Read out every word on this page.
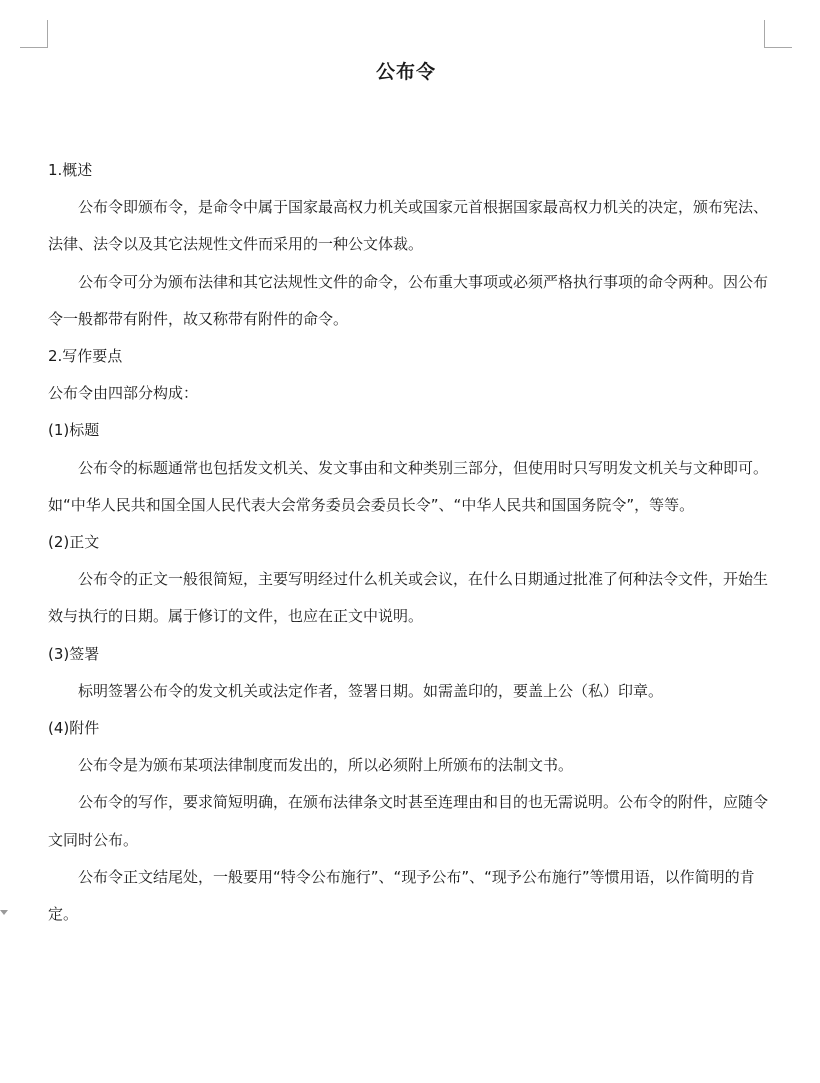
公布令

1.概述

公布令即颁布令，是命令中属于国家最高权力机关或国家元首根据国家最高权力机关的决定，颁布宪法、法律、法令以及其它法规性文件而采用的一种公文体裁。

公布令可分为颁布法律和其它法规性文件的命令，公布重大事项或必须严格执行事项的命令两种。因公布令一般都带有附件，故又称带有附件的命令。

2.写作要点

公布令由四部分构成：

(1)标题

公布令的标题通常也包括发文机关、发文事由和文种类别三部分，但使用时只写明发文机关与文种即可。如“中华人民共和国全国人民代表大会常务委员会委员长令”、“中华人民共和国国务院令”，等等。

(2)正文

公布令的正文一般很简短，主要写明经过什么机关或会议，在什么日期通过批准了何种法令文件，开始生效与执行的日期。属于修订的文件，也应在正文中说明。

(3)签署

标明签署公布令的发文机关或法定作者，签署日期。如需盖印的，要盖上公（私）印章。

(4)附件

公布令是为颁布某项法律制度而发出的，所以必须附上所颁布的法制文书。

公布令的写作，要求简短明确，在颁布法律条文时甚至连理由和目的也无需说明。公布令的附件，应随令文同时公布。

公布令正文结尾处，一般要用“特令公布施行”、“现予公布”、“现予公布施行”等惯用语，以作简明的肯定。
